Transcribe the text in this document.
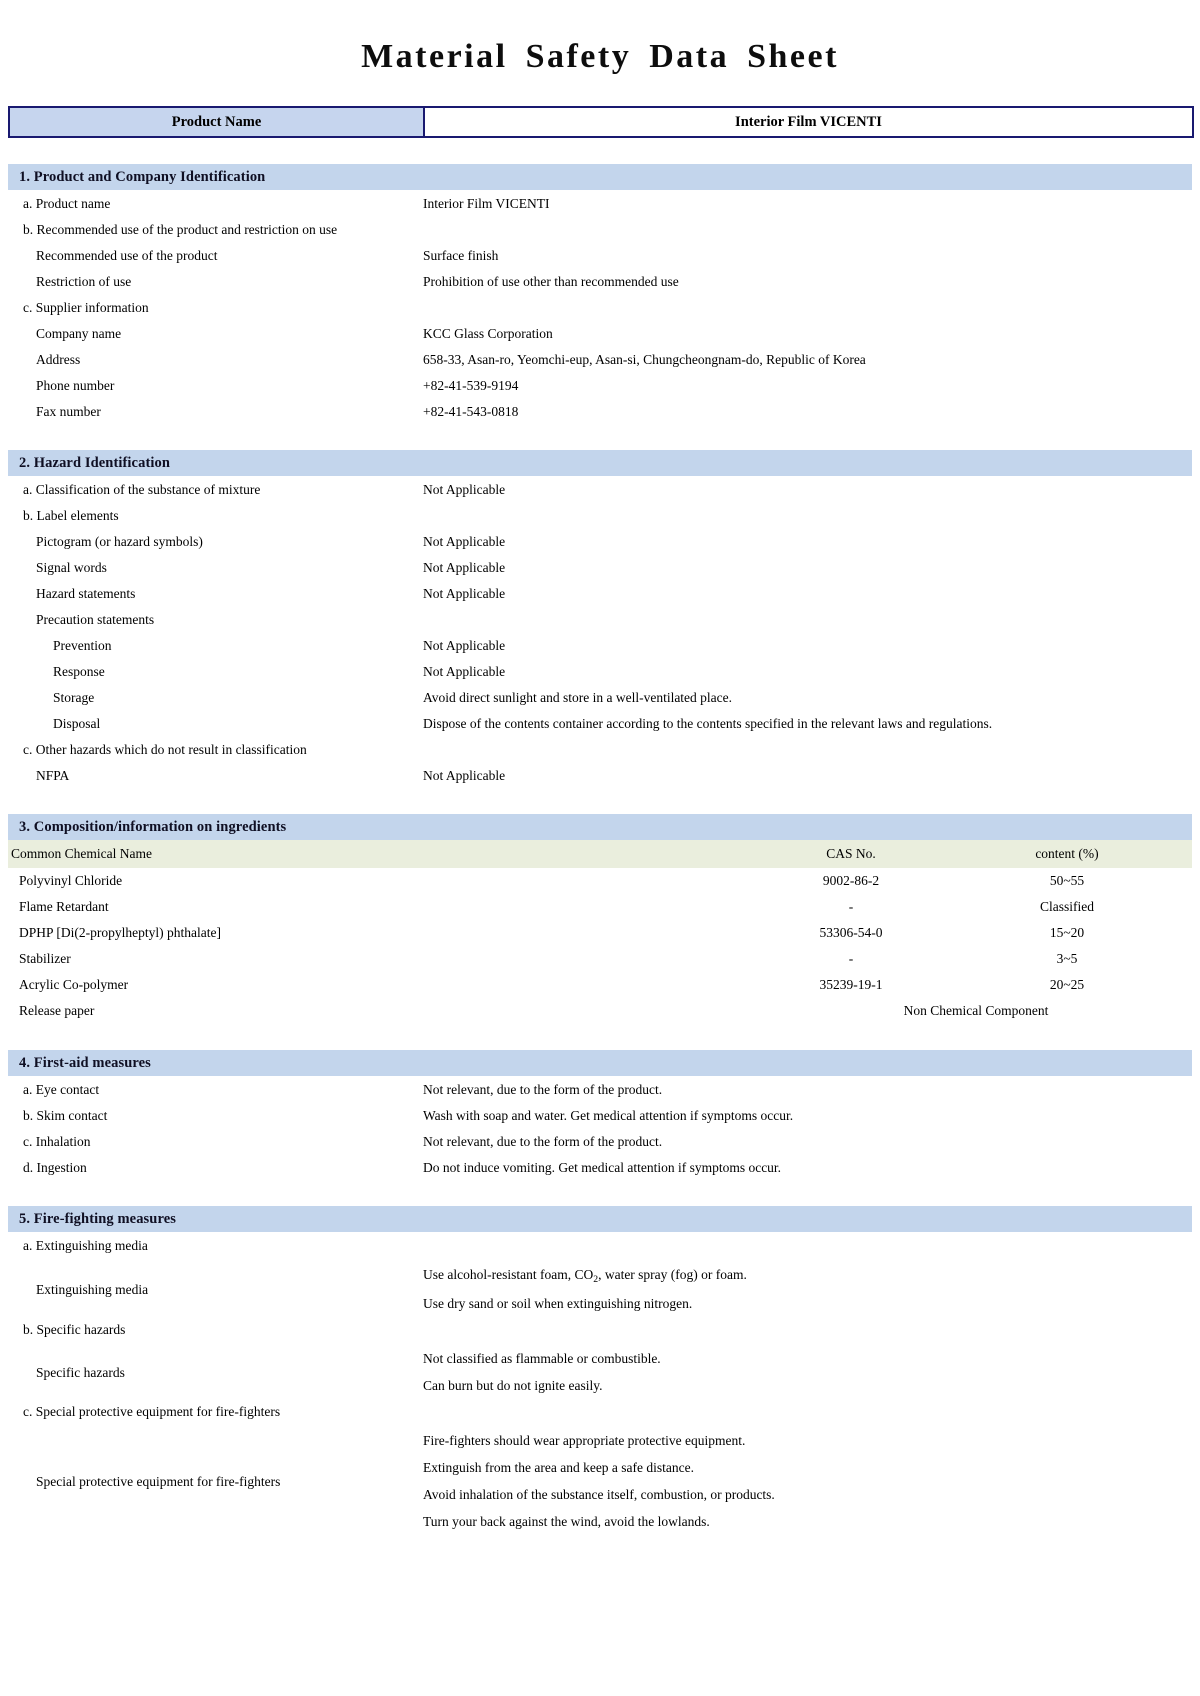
Material Safety Data Sheet
Product Name	Interior Film VICENTI
1. Product and Company Identification
a. Product name	Interior Film VICENTI
b. Recommended use of the product and restriction on use
Recommended use of the product	Surface finish
Restriction of use	Prohibition of use other than recommended use
c. Supplier information
Company name	KCC Glass Corporation
Address	658-33, Asan-ro, Yeomchi-eup, Asan-si, Chungcheongnam-do, Republic of Korea
Phone number	+82-41-539-9194
Fax number	+82-41-543-0818
2. Hazard Identification
a. Classification of the substance of mixture	Not Applicable
b. Label elements
Pictogram (or hazard symbols)	Not Applicable
Signal words	Not Applicable
Hazard statements	Not Applicable
Precaution statements
Prevention	Not Applicable
Response	Not Applicable
Storage	Avoid direct sunlight and store in a well-ventilated place.
Disposal	Dispose of the contents container according to the contents specified in the relevant laws and regulations.
c. Other hazards which do not result in classification
NFPA	Not Applicable
3. Composition/information on ingredients
Common Chemical Name	CAS No.	content (%)
Polyvinyl Chloride	9002-86-2	50~55
Flame Retardant	-	Classified
DPHP [Di(2-propylheptyl) phthalate]	53306-54-0	15~20
Stabilizer	-	3~5
Acrylic Co-polymer	35239-19-1	20~25
Release paper	Non Chemical Component	
4. First-aid measures
a. Eye contact	Not relevant, due to the form of the product.
b. Skim contact	Wash with soap and water. Get medical attention if symptoms occur.
c. Inhalation	Not relevant, due to the form of the product.
d. Ingestion	Do not induce vomiting. Get medical attention if symptoms occur.
5. Fire-fighting measures
a. Extinguishing media
Extinguishing media
Use alcohol-resistant foam, $CO_2$, water spray (fog) or foam.
Use dry sand or soil when extinguishing nitrogen.
b. Specific hazards
Specific hazards
Not classified as flammable or combustible.
Can burn but do not ignite easily.
c. Special protective equipment for fire-fighters
Special protective equipment for fire-fighters
Fire-fighters should wear appropriate protective equipment.
Extinguish from the area and keep a safe distance.
Avoid inhalation of the substance itself, combustion, or products.
Turn your back against the wind, avoid the lowlands.
